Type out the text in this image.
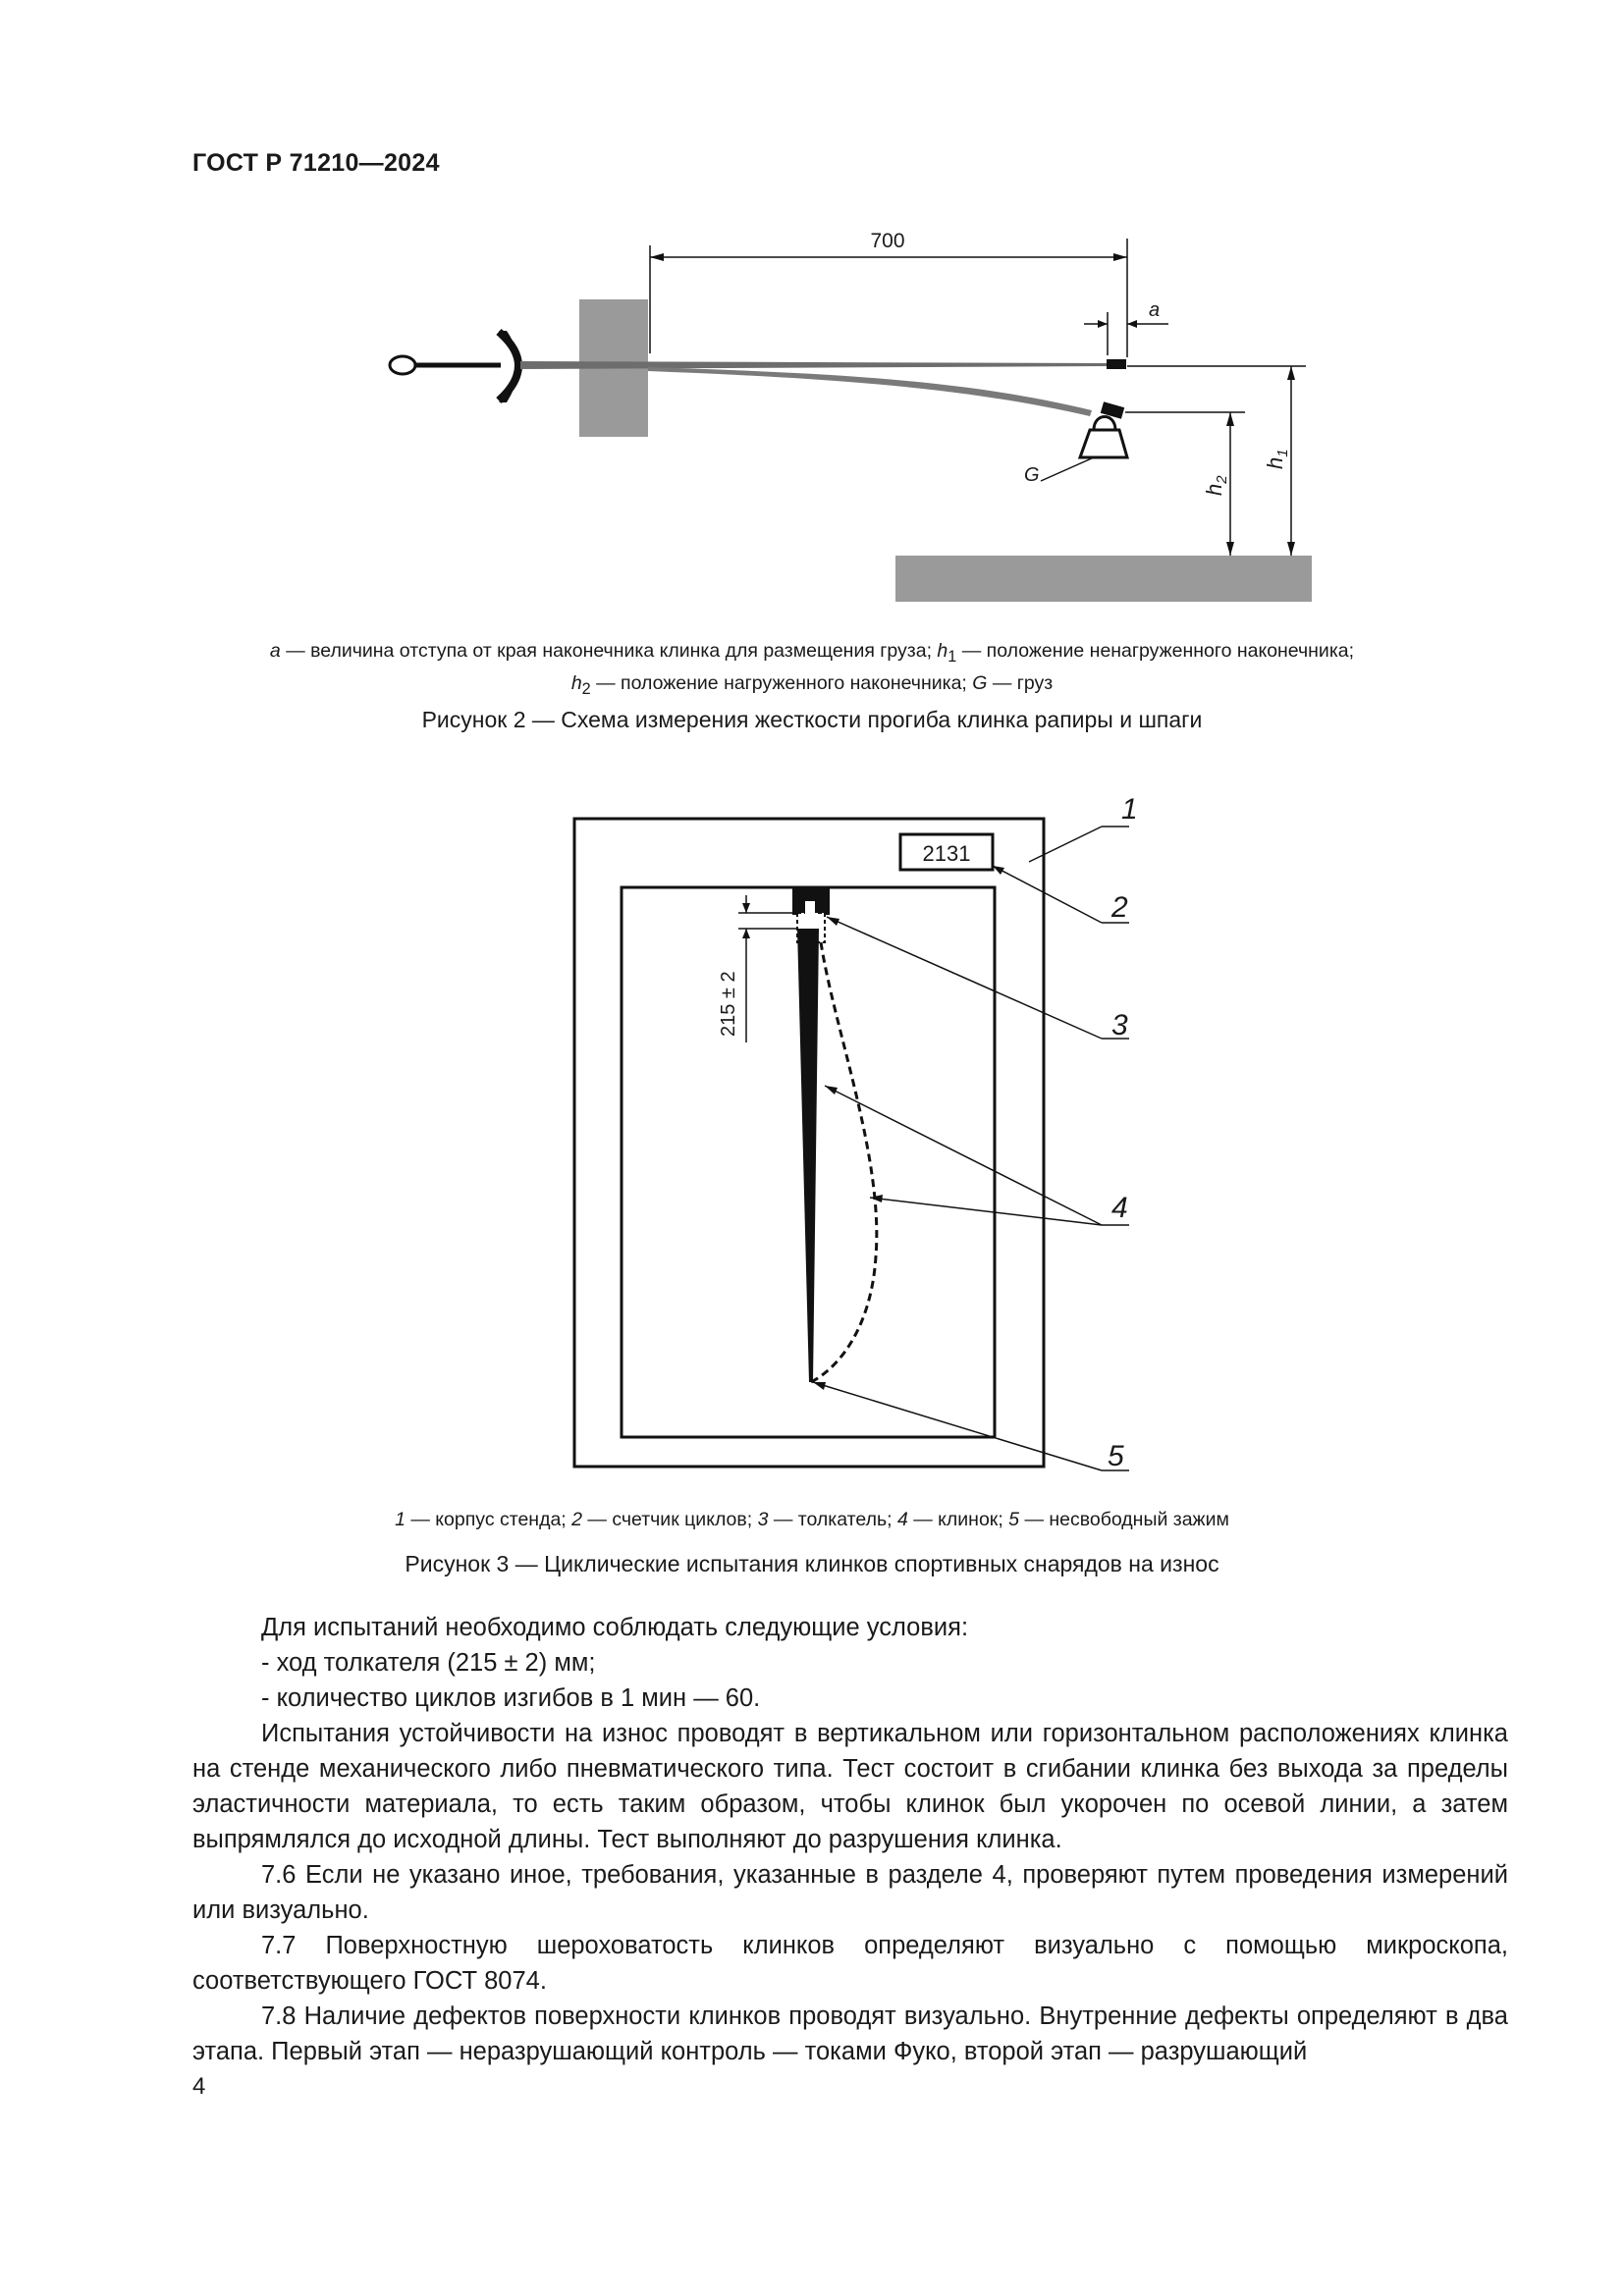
ГОСТ Р 71210—2024
G
700
a
$h_1$
$h_2$
a — величина отступа от края наконечника клинка для размещения груза; $h_1$ — положение ненагруженного наконечника;
$h_2$ — положение нагруженного наконечника; G — груз
Рисунок 2 — Схема измерения жесткости прогиба клинка рапиры и шпаги
2131
215 ± 2
1
2
3
4
5
1 — корпус стенда; 2 — счетчик циклов; 3 — толкатель; 4 — клинок; 5 — несвободный зажим
Рисунок 3 — Циклические испытания клинков спортивных снарядов на износ

Для испытаний необходимо соблюдать следующие условия:

- ход толкателя (215 ± 2) мм;

- количество циклов изгибов в 1 мин — 60.

Испытания устойчивости на износ проводят в вертикальном или горизонтальном расположениях клинка на стенде механического либо пневматического типа. Тест состоит в сгибании клинка без выхода за пределы эластичности материала, то есть таким образом, чтобы клинок был укорочен по осевой линии, а затем выпрямлялся до исходной длины. Тест выполняют до разрушения клинка.

7.6 Если не указано иное, требования, указанные в разделе 4, проверяют путем проведения измерений или визуально.

7.7 Поверхностную шероховатость клинков определяют визуально с помощью микроскопа, соответствующего ГОСТ 8074.

7.8 Наличие дефектов поверхности клинков проводят визуально. Внутренние дефекты определяют в два этапа. Первый этап — неразрушающий контроль — токами Фуко, второй этап — разрушающий

4
